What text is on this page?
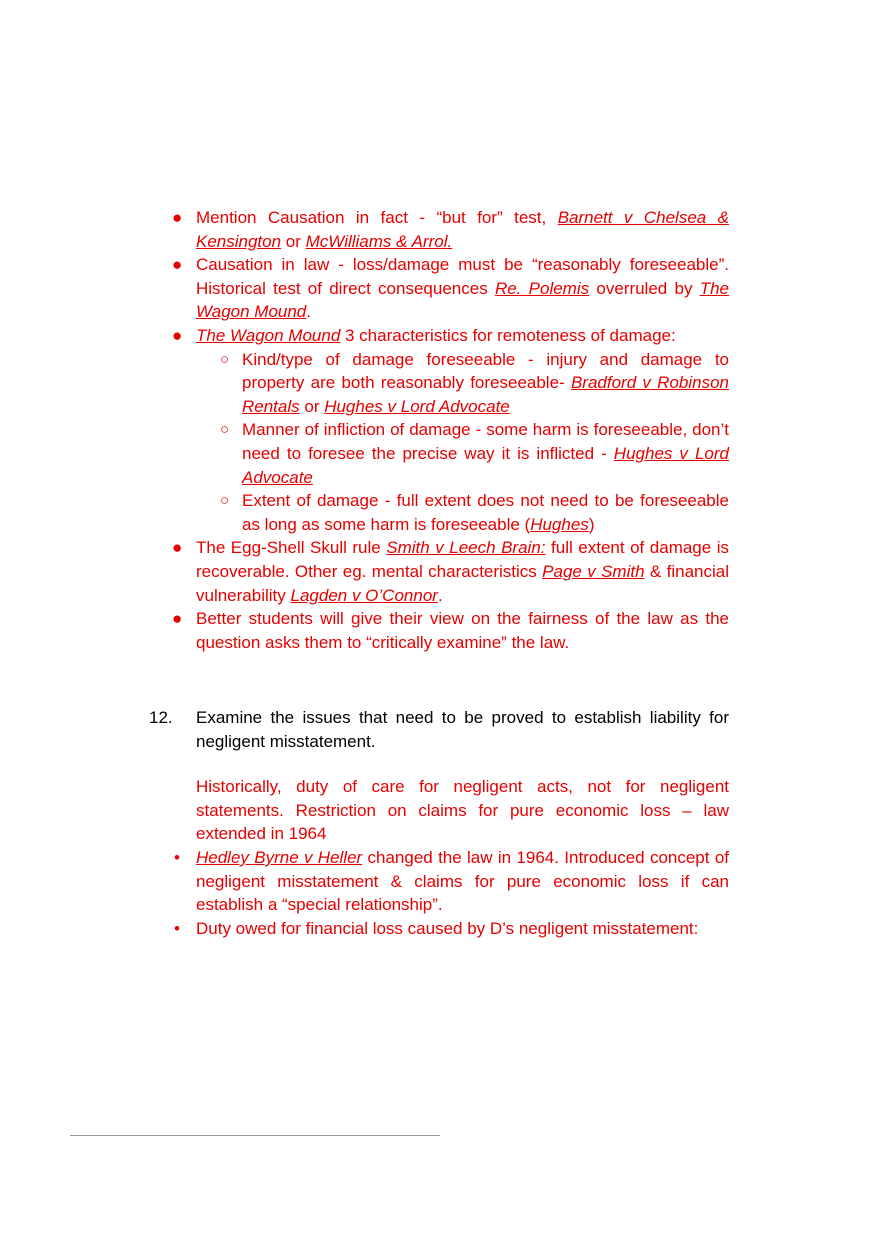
● Mention Causation in fact - “but for” test, Barnett v Chelsea & Kensington or McWilliams & Arrol.
● Causation in law - loss/damage must be “reasonably foreseeable”. Historical test of direct consequences Re. Polemis overruled by The Wagon Mound.
● The Wagon Mound 3 characteristics for remoteness of damage:
○ Kind/type of damage foreseeable - injury and damage to property are both reasonably foreseeable- Bradford v Robinson Rentals or Hughes v Lord Advocate
○ Manner of infliction of damage - some harm is foreseeable, don’t need to foresee the precise way it is inflicted - Hughes v Lord Advocate
○ Extent of damage - full extent does not need to be foreseeable as long as some harm is foreseeable (Hughes)
● The Egg-Shell Skull rule Smith v Leech Brain: full extent of damage is recoverable. Other eg. mental characteristics Page v Smith & financial vulnerability Lagden v O’Connor.
● Better students will give their view on the fairness of the law as the question asks them to “critically examine” the law.
12. Examine the issues that need to be proved to establish liability for negligent misstatement.
Historically, duty of care for negligent acts, not for negligent statements. Restriction on claims for pure economic loss – law extended in 1964
• Hedley Byrne v Heller changed the law in 1964. Introduced concept of negligent misstatement & claims for pure economic loss if can establish a “special relationship”.
• Duty owed for financial loss caused by D’s negligent misstatement:
